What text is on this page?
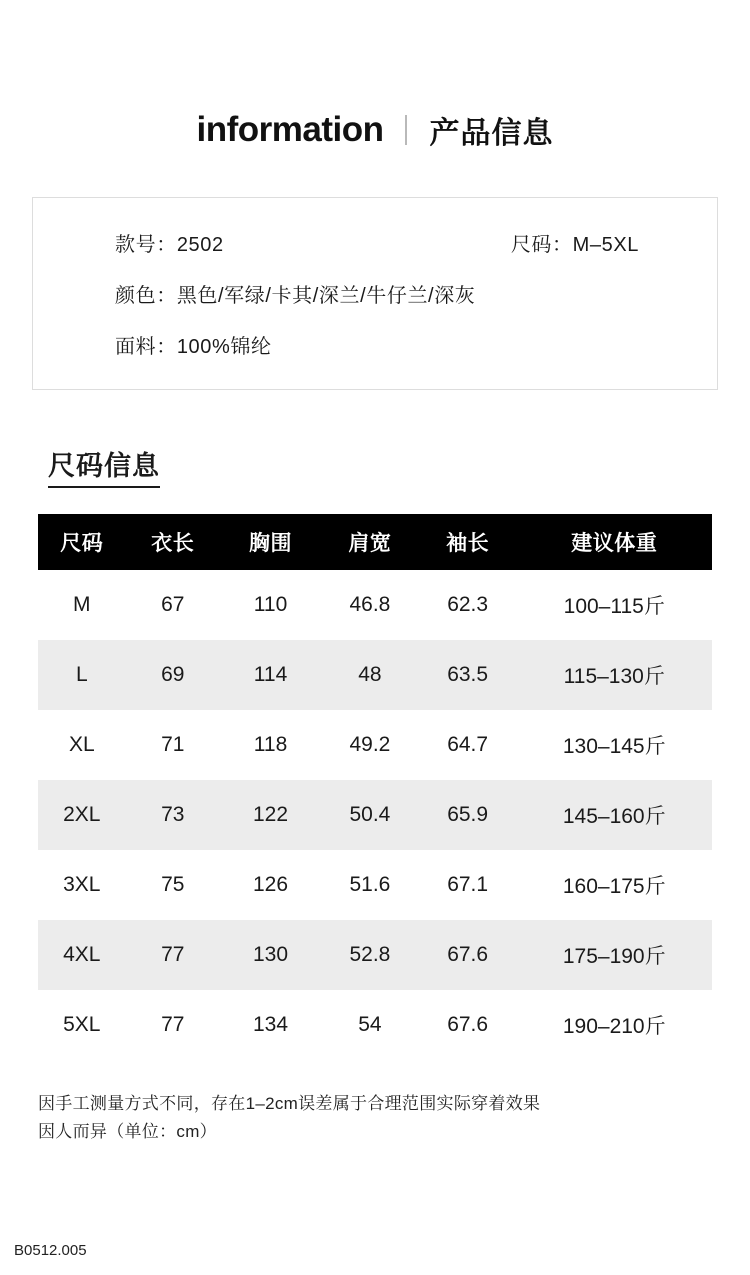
information 产品信息
款号： 2502	尺码： M–5XL
颜色： 黑色/军绿/卡其/深兰/牛仔兰/深灰
面料： 100%锦纶
尺码信息
尺码	衣长	胸围	肩宽	袖长	建议体重
M	67	110	46.8	62.3	100–115斤
L	69	114	48	63.5	115–130斤
XL	71	118	49.2	64.7	130–145斤
2XL	73	122	50.4	65.9	145–160斤
3XL	75	126	51.6	67.1	160–175斤
4XL	77	130	52.8	67.6	175–190斤
5XL	77	134	54	67.6	190–210斤
因手工测量方式不同，存在1–2cm误差属于合理范围实际穿着效果
因人而异（单位：cm）
B0512.005
